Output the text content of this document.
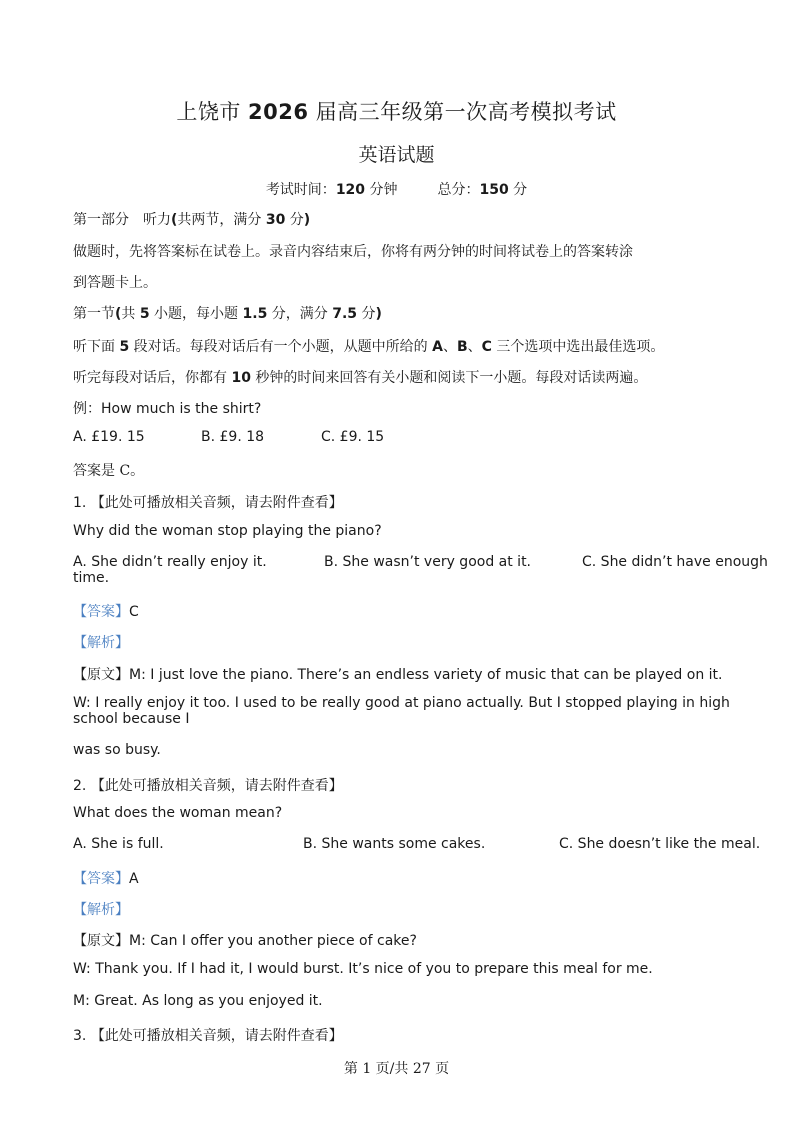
上饶市 2026 届高三年级第一次高考模拟考试
英语试题
考试时间：120 分钟	总分：150 分
第一部分　听力(共两节，满分 30 分)
做题时，先将答案标在试卷上。录音内容结束后，你将有两分钟的时间将试卷上的答案转涂
到答题卡上。
第一节(共 5 小题，每小题 1.5 分，满分 7.5 分)
听下面 5 段对话。每段对话后有一个小题，从题中所给的 A、B、C 三个选项中选出最佳选项。
听完每段对话后，你都有 10 秒钟的时间来回答有关小题和阅读下一小题。每段对话读两遍。
例：How much is the shirt?
A. £19. 15	B. £9. 18	C. £9. 15
答案是 C。
1. 【此处可播放相关音频，请去附件查看】
Why did the woman stop playing the piano?
A. She didn’t really enjoy it.	B. She wasn’t very good at it.	C. She didn’t have enough time.
【答案】C
【解析】
【原文】M: I just love the piano. There’s an endless variety of music that can be played on it.
W: I really enjoy it too. I used to be really good at piano actually. But I stopped playing in high school because I
was so busy.
2. 【此处可播放相关音频，请去附件查看】
What does the woman mean?
A. She is full.	B. She wants some cakes.	C. She doesn’t like the meal.
【答案】A
【解析】
【原文】M: Can I offer you another piece of cake?
W: Thank you. If I had it, I would burst. It’s nice of you to prepare this meal for me.
M: Great. As long as you enjoyed it.
3. 【此处可播放相关音频，请去附件查看】
第 1 页/共 27 页
